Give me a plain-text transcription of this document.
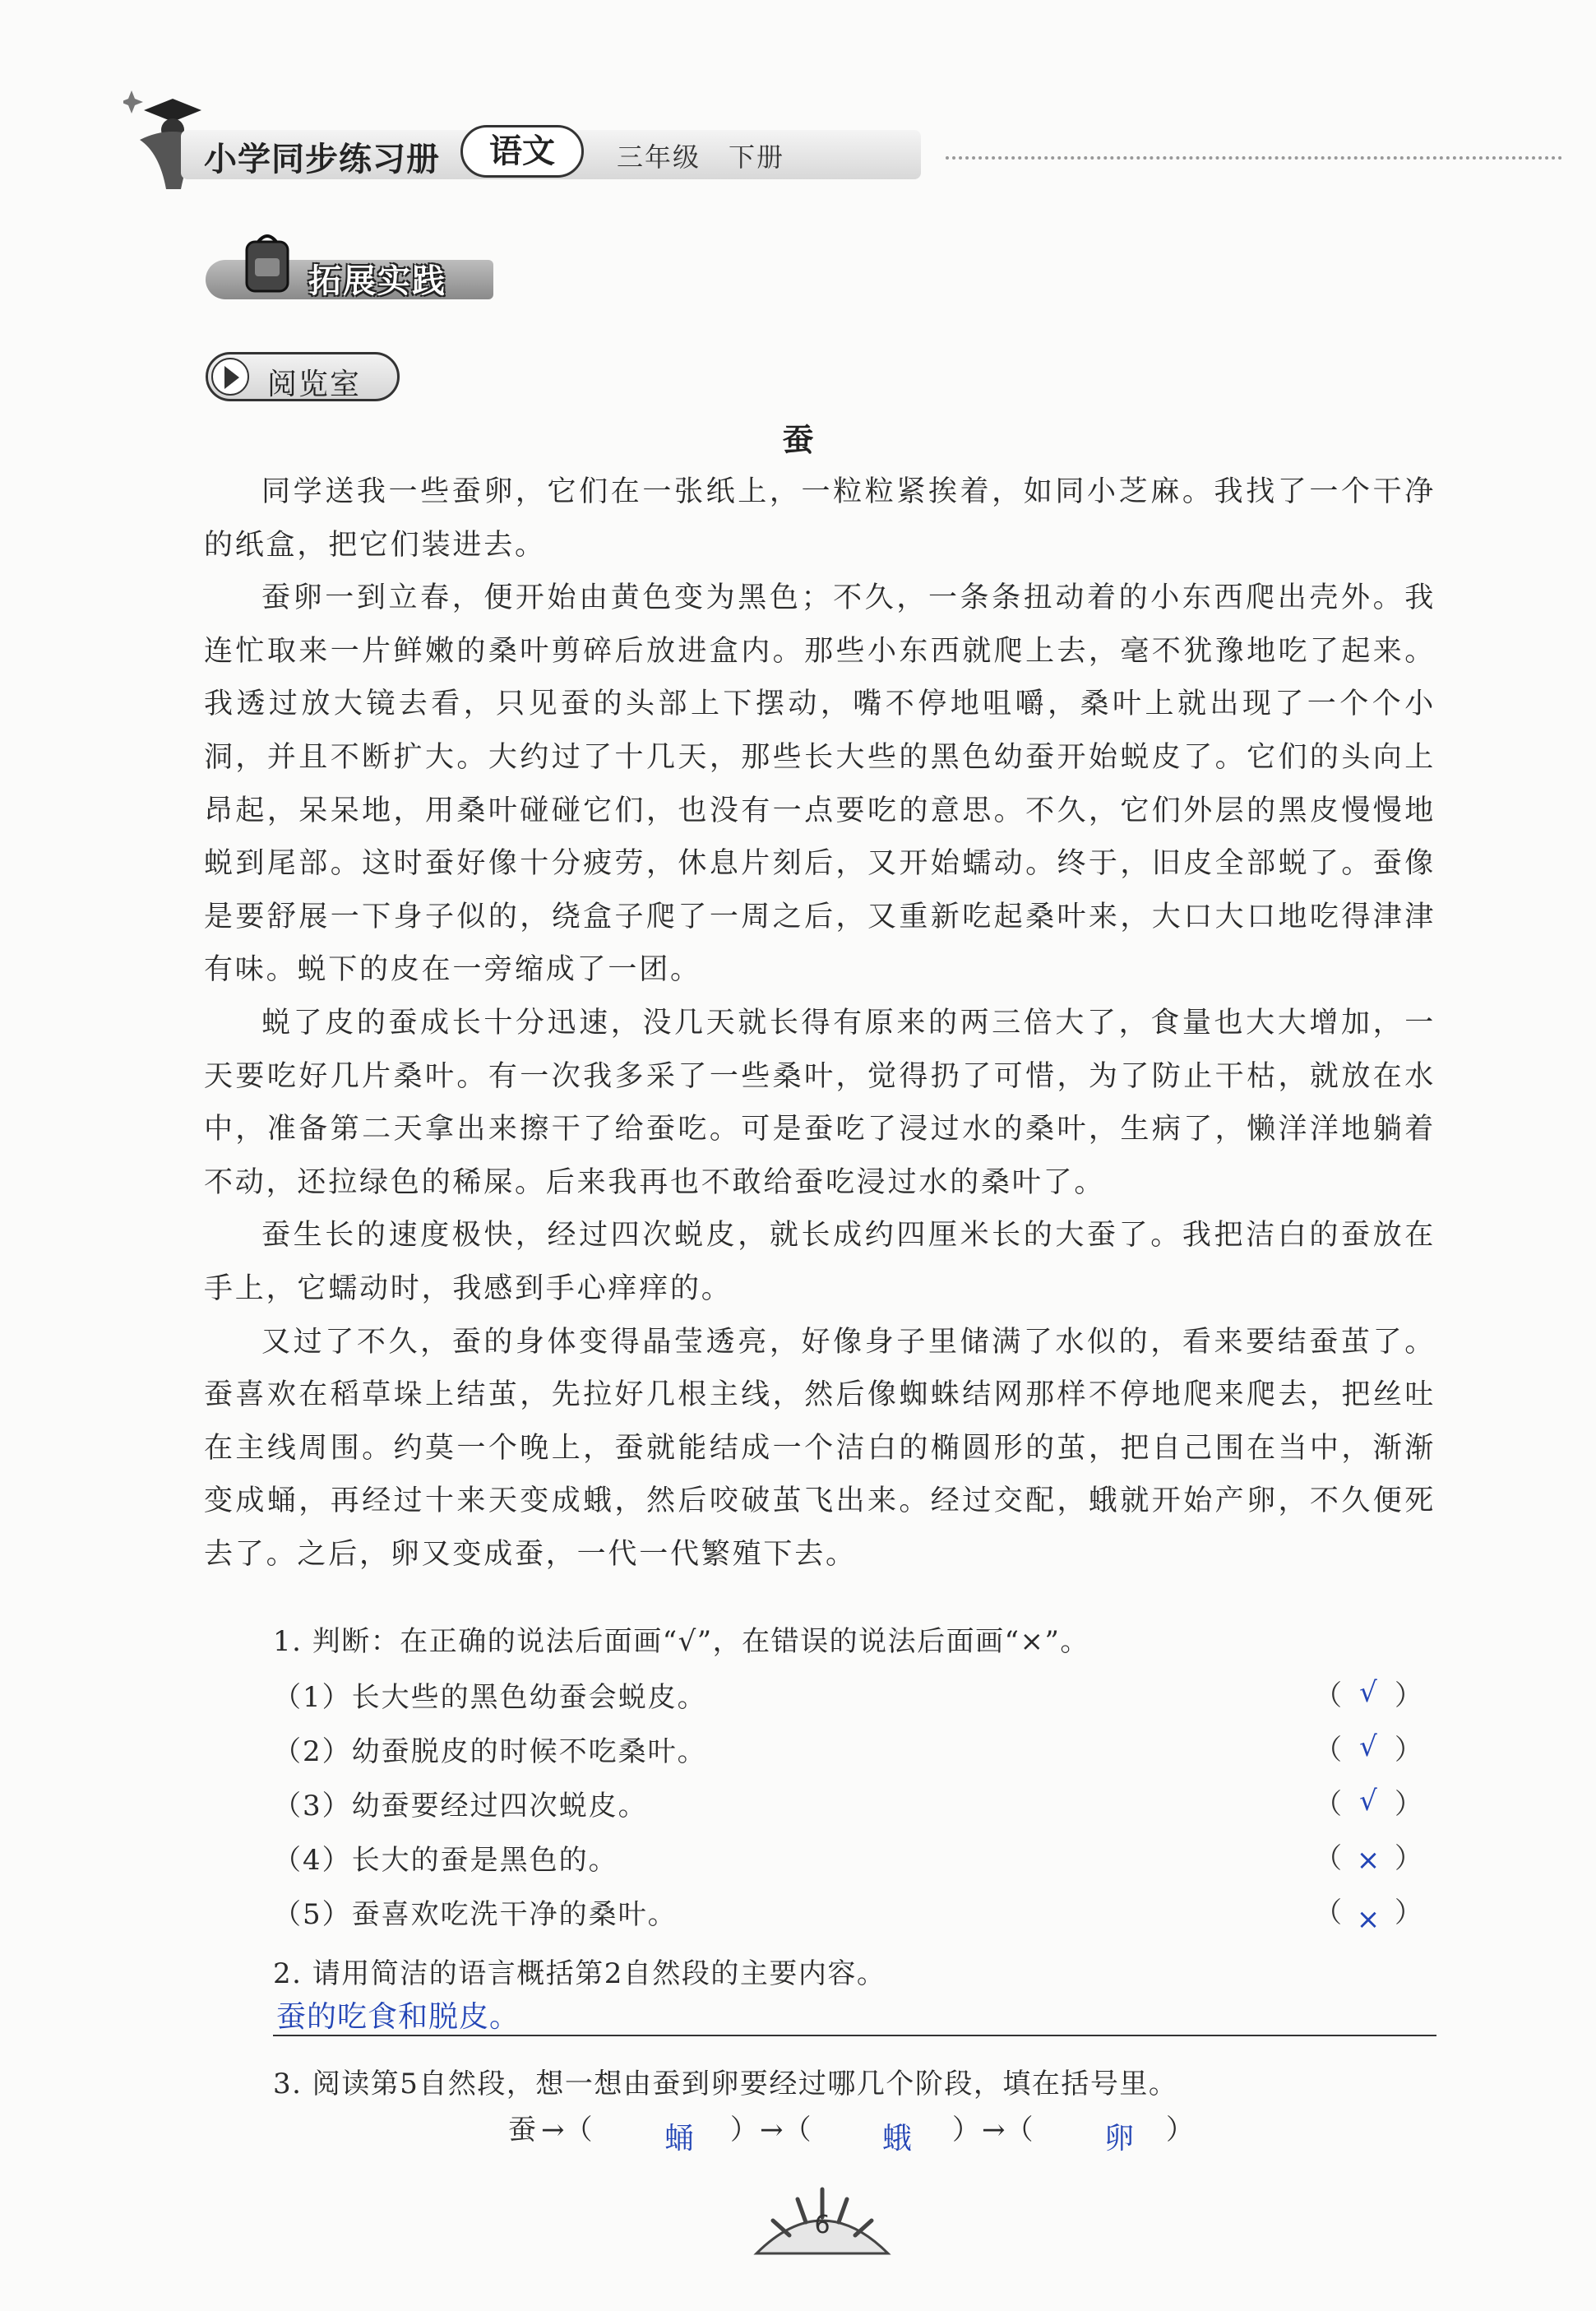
小学同步练习册	语文	三年级　下册
拓展实践
阅览室
蚕

同学送我一些蚕卵，它们在一张纸上，一粒粒紧挨着，如同小芝麻。我找了一个干净的纸盒，把它们装进去。

蚕卵一到立春，便开始由黄色变为黑色；不久，一条条扭动着的小东西爬出壳外。我连忙取来一片鲜嫩的桑叶剪碎后放进盒内。那些小东西就爬上去，毫不犹豫地吃了起来。我透过放大镜去看，只见蚕的头部上下摆动，嘴不停地咀嚼，桑叶上就出现了一个个小洞，并且不断扩大。大约过了十几天，那些长大些的黑色幼蚕开始蜕皮了。它们的头向上昂起，呆呆地，用桑叶碰碰它们，也没有一点要吃的意思。不久，它们外层的黑皮慢慢地蜕到尾部。这时蚕好像十分疲劳，休息片刻后，又开始蠕动。终于，旧皮全部蜕了。蚕像是要舒展一下身子似的，绕盒子爬了一周之后，又重新吃起桑叶来，大口大口地吃得津津有味。蜕下的皮在一旁缩成了一团。

蜕了皮的蚕成长十分迅速，没几天就长得有原来的两三倍大了，食量也大大增加，一天要吃好几片桑叶。有一次我多采了一些桑叶，觉得扔了可惜，为了防止干枯，就放在水中，准备第二天拿出来擦干了给蚕吃。可是蚕吃了浸过水的桑叶，生病了，懒洋洋地躺着不动，还拉绿色的稀屎。后来我再也不敢给蚕吃浸过水的桑叶了。

蚕生长的速度极快，经过四次蜕皮，就长成约四厘米长的大蚕了。我把洁白的蚕放在手上，它蠕动时，我感到手心痒痒的。

又过了不久，蚕的身体变得晶莹透亮，好像身子里储满了水似的，看来要结蚕茧了。蚕喜欢在稻草垛上结茧，先拉好几根主线，然后像蜘蛛结网那样不停地爬来爬去，把丝吐在主线周围。约莫一个晚上，蚕就能结成一个洁白的椭圆形的茧，把自己围在当中，渐渐变成蛹，再经过十来天变成蛾，然后咬破茧飞出来。经过交配，蛾就开始产卵，不久便死去了。之后，卵又变成蚕，一代一代繁殖下去。

1. 判断：在正确的说法后面画“√”，在错误的说法后面画“×”。
（1）长大些的黑色幼蚕会蜕皮。	（ √ ）
（2）幼蚕脱皮的时候不吃桑叶。	（ √ ）
（3）幼蚕要经过四次蜕皮。	（ √ ）
（4）长大的蚕是黑色的。	（ × ）
（5）蚕喜欢吃洗干净的桑叶。	（ × ）
2. 请用简洁的语言概括第2自然段的主要内容。
蚕的吃食和脱皮。
3. 阅读第5自然段，想一想由蚕到卵要经过哪几个阶段，填在括号里。
蚕 →（ 蛹 ） →（ 蛾 ） →（ 卵 ）
6
